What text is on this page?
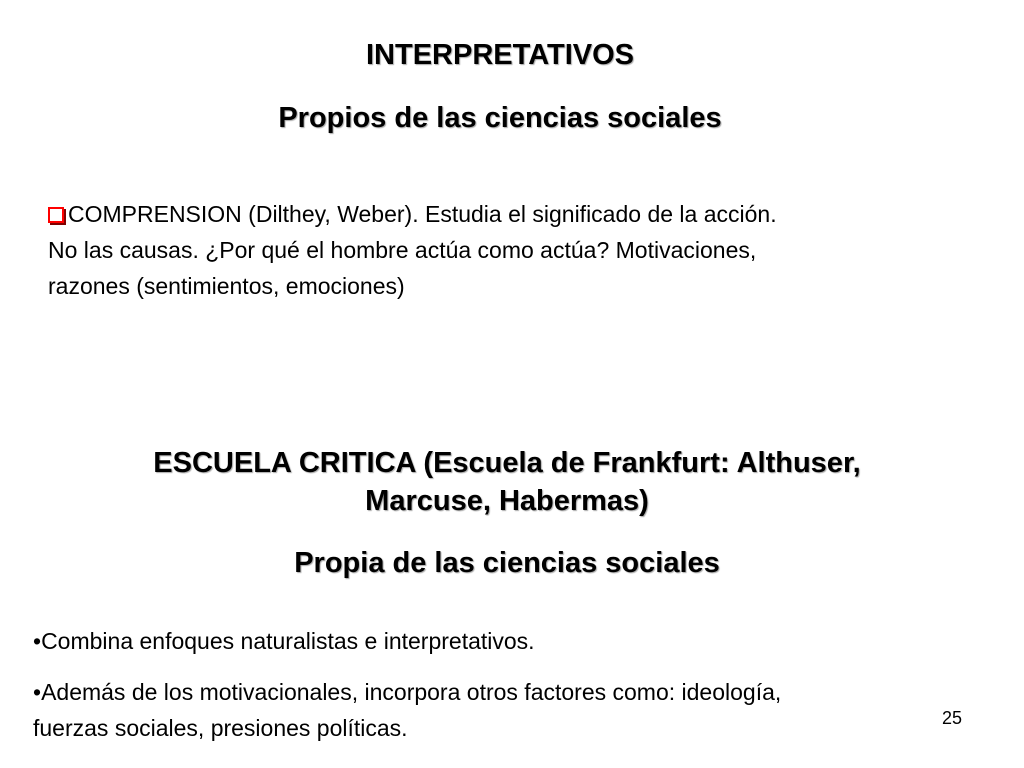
INTERPRETATIVOS
Propios de las ciencias sociales
COMPRENSION (Dilthey, Weber). Estudia el significado de la acción.
No las causas. ¿Por qué el hombre actúa como actúa? Motivaciones,
razones (sentimientos, emociones)
ESCUELA CRITICA (Escuela de Frankfurt: Althuser,
Marcuse, Habermas)
Propia de las ciencias sociales
•Combina enfoques naturalistas e interpretativos.
•Además de los motivacionales, incorpora otros factores como: ideología,
fuerzas sociales, presiones políticas.	25
